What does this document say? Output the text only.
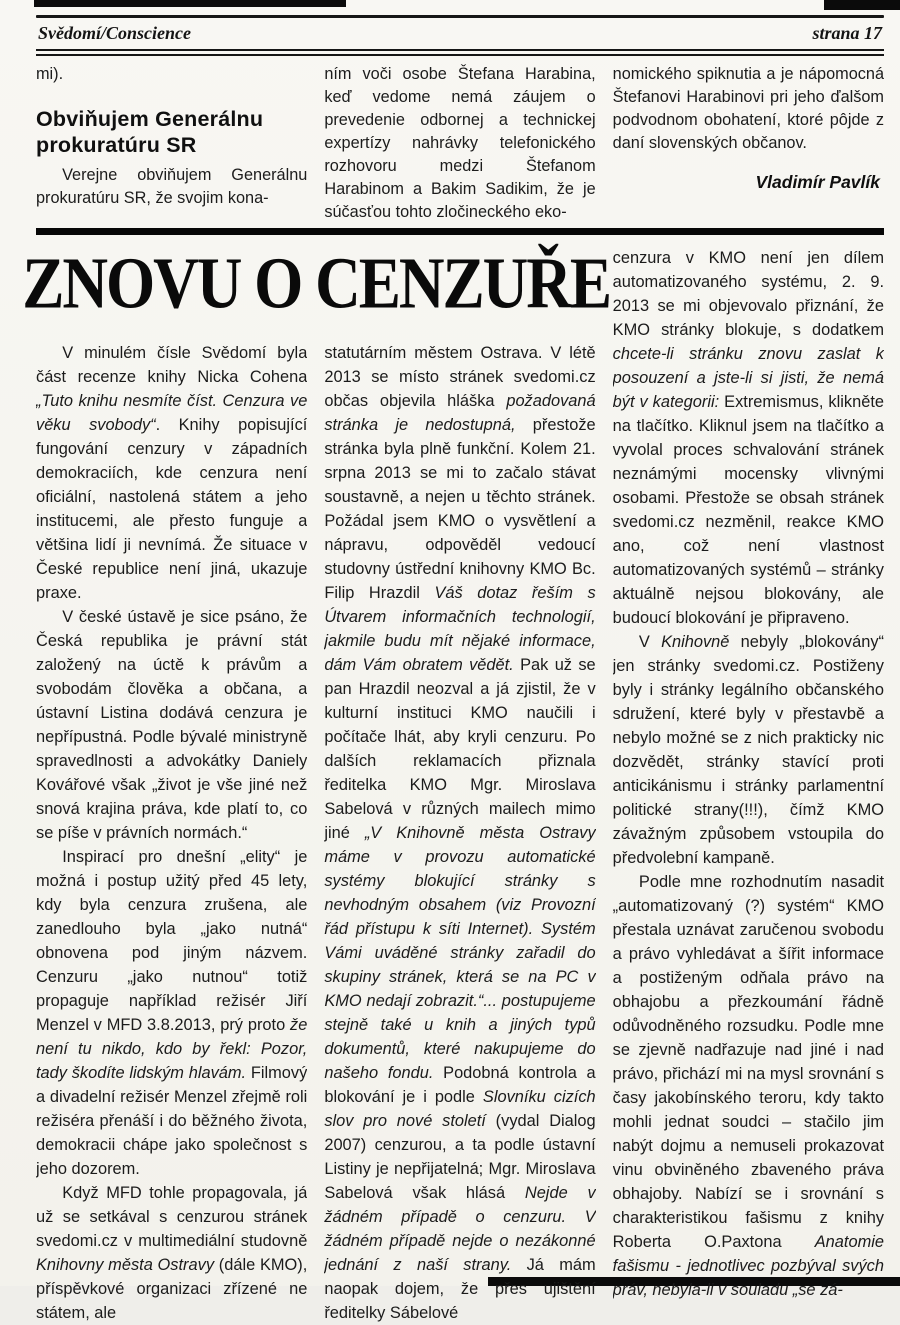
Svědomí/Conscience	strana 17

mi).

Obviňujem Generálnu prokuratúru SR

Verejne obviňujem Generálnu prokuratúru SR, že svojim kona-

ním voči osobe Štefana Harabina, keď vedome nemá záujem o prevedenie odbornej a technickej expertízy nahrávky telefonického rozhovoru medzi Štefanom Harabinom a Bakim Sadikim, že je súčasťou tohto zločineckého eko-

nomického spiknutia a je nápomocná Štefanovi Harabinovi pri jeho ďalšom podvodnom obohatení, ktoré pôjde z daní slovenských občanov.

Vladimír Pavlík

ZNOVU O CENZUŘE

V minulém čísle Svědomí byla část recenze knihy Nicka Cohena „Tuto knihu nesmíte číst. Cenzura ve věku svobody“. Knihy popisující fungování cenzury v západních demokraciích, kde cenzura není oficiální, nastolená státem a jeho institucemi, ale přesto funguje a většina lidí ji nevnímá. Že situace v České republice není jiná, ukazuje praxe.

V české ústavě je sice psáno, že Česká republika je právní stát založený na úctě k právům a svobodám člověka a občana, a ústavní Listina dodává cenzura je nepřípustná. Podle bývalé ministryně spravedlnosti a advokátky Daniely Kovářové však „život je vše jiné než snová krajina práva, kde platí to, co se píše v právních normách.“

Inspirací pro dnešní „elity“ je možná i postup užitý před 45 lety, kdy byla cenzura zrušena, ale zanedlouho byla „jako nutná“ obnovena pod jiným názvem. Cenzuru „jako nutnou“ totiž propaguje například režisér Jiří Menzel v MFD 3.8.2013, prý proto že není tu nikdo, kdo by řekl: Pozor, tady škodíte lidským hlavám. Filmový a divadelní režisér Menzel zřejmě roli režiséra přenáší i do běžného života, demokracii chápe jako společnost s jeho dozorem.

Když MFD tohle propagovala, já už se setkával s cenzurou stránek svedomi.cz v multimediální studovně Knihovny města Ostravy (dále KMO), příspěvkové organizaci zřízené ne státem, ale

statutárním městem Ostrava. V létě 2013 se místo stránek svedomi.cz občas objevila hláška požadovaná stránka je nedostupná, přestože stránka byla plně funkční. Kolem 21. srpna 2013 se mi to začalo stávat soustavně, a nejen u těchto stránek. Požádal jsem KMO o vysvětlení a nápravu, odpověděl vedoucí studovny ústřední knihovny KMO Bc. Filip Hrazdil Váš dotaz řeším s Útvarem informačních technologií, jakmile budu mít nějaké informace, dám Vám obratem vědět. Pak už se pan Hrazdil neozval a já zjistil, že v kulturní instituci KMO naučili i počítače lhát, aby kryli cenzuru. Po dalších reklamacích přiznala ředitelka KMO Mgr. Miroslava Sabelová v různých mailech mimo jiné „V Knihovně města Ostravy máme v provozu automatické systémy blokující stránky s nevhodným obsahem (viz Provozní řád přístupu k síti Internet). Systém Vámi uváděné stránky zařadil do skupiny stránek, která se na PC v KMO nedají zobrazit.“... postupujeme stejně také u knih a jiných typů dokumentů, které nakupujeme do našeho fondu. Podobná kontrola a blokování je i podle Slovníku cizích slov pro nové století (vydal Dialog 2007) cenzurou, a ta podle ústavní Listiny je nepřijatelná; Mgr. Miroslava Sabelová však hlásá Nejde v žádném případě o cenzuru. V žádném případě nejde o nezákonné jednání z naší strany. Já mám naopak dojem, že přes ujištění ředitelky Sábelové

cenzura v KMO není jen dílem automatizovaného systému, 2. 9. 2013 se mi objevovalo přiznání, že KMO stránky blokuje, s dodatkem chcete-li stránku znovu zaslat k posouzení a jste-li si jisti, že nemá být v kategorii: Extremismus, klikněte na tlačítko. Kliknul jsem na tlačítko a vyvolal proces schvalování stránek neznámými mocensky vlivnými osobami. Přestože se obsah stránek svedomi.cz nezměnil, reakce KMO ano, což není vlastnost automatizovaných systémů – stránky aktuálně nejsou blokovány, ale budoucí blokování je připraveno.

V Knihovně nebyly „blokovány“ jen stránky svedomi.cz. Postiženy byly i stránky legálního občanského sdružení, které byly v přestavbě a nebylo možné se z nich prakticky nic dozvědět, stránky stavící proti anticikánismu i stránky parlamentní politické strany(!!!), čímž KMO závažným způsobem vstoupila do předvolební kampaně.

Podle mne rozhodnutím nasadit „automatizovaný (?) systém“ KMO přestala uznávat zaručenou svobodu a právo vyhledávat a šířit informace a postiženým odňala právo na obhajobu a přezkoumání řádně odůvodněného rozsudku. Podle mne se zjevně nadřazuje nad jiné i nad právo, přichází mi na mysl srovnání s časy jakobínského teroru, kdy takto mohli jednat soudci – stačilo jim nabýt dojmu a nemuseli prokazovat vinu obviněného zbaveného práva obhajoby. Nabízí se i srovnání s charakteristikou fašismu z knihy Roberta O.Paxtona Anatomie fašismu - jednotlivec pozbýval svých práv, nebyla-li v souladu „se zá-
